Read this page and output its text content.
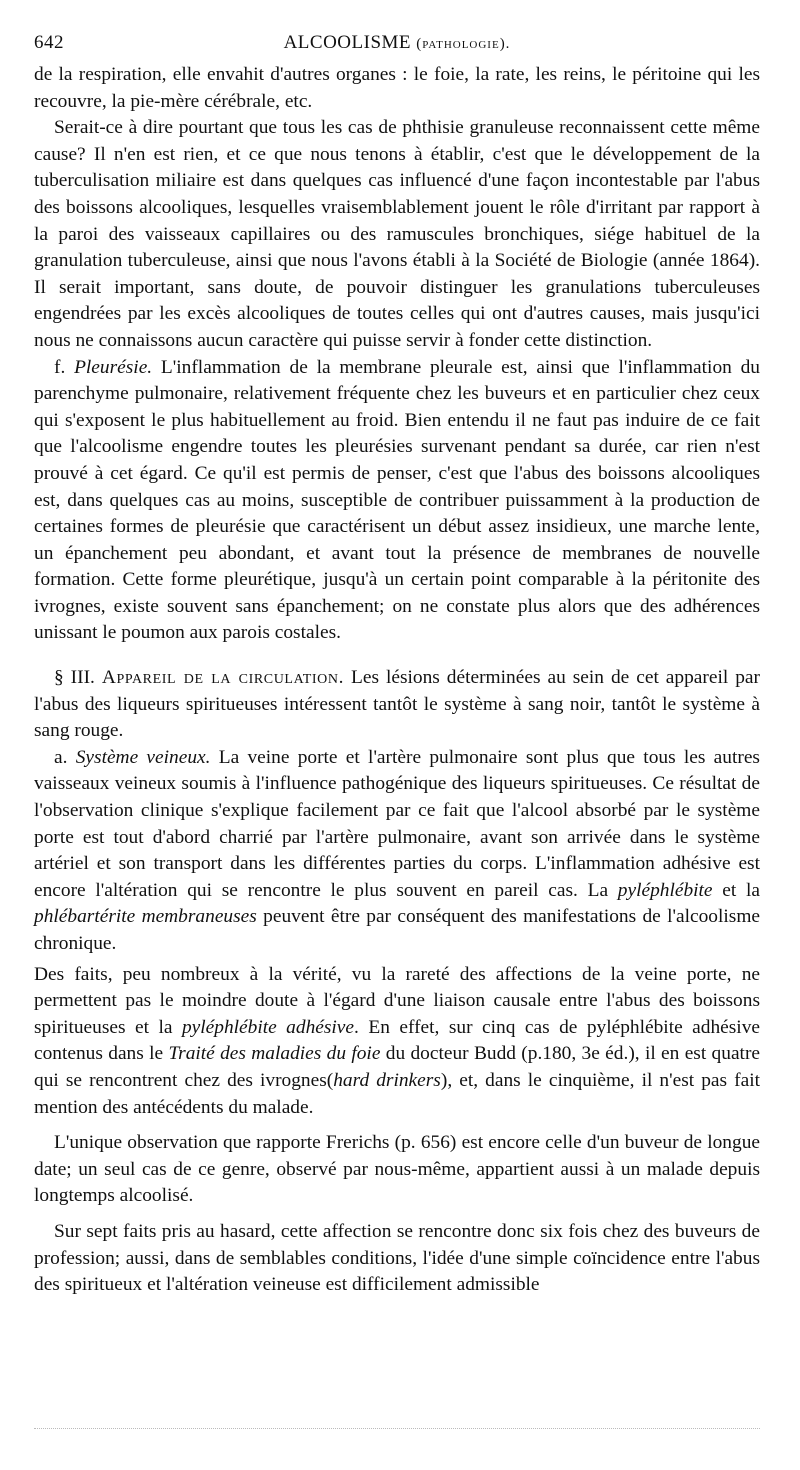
642	ALCOOLISME (pathologie).

de la respiration, elle envahit d'autres organes : le foie, la rate, les reins, le péritoine qui les recouvre, la pie-mère cérébrale, etc.

Serait-ce à dire pourtant que tous les cas de phthisie granuleuse reconnaissent cette même cause? Il n'en est rien, et ce que nous tenons à établir, c'est que le développement de la tuberculisation miliaire est dans quelques cas influencé d'une façon incontestable par l'abus des boissons alcooliques, lesquelles vraisemblablement jouent le rôle d'irritant par rapport à la paroi des vaisseaux capillaires ou des ramuscules bronchiques, siége habituel de la granulation tuberculeuse, ainsi que nous l'avons établi à la Société de Biologie (année 1864). Il serait important, sans doute, de pouvoir distinguer les granulations tuberculeuses engendrées par les excès alcooliques de toutes celles qui ont d'autres causes, mais jusqu'ici nous ne connaissons aucun caractère qui puisse servir à fonder cette distinction.

f. Pleurésie. L'inflammation de la membrane pleurale est, ainsi que l'inflammation du parenchyme pulmonaire, relativement fréquente chez les buveurs et en particulier chez ceux qui s'exposent le plus habituellement au froid. Bien entendu il ne faut pas induire de ce fait que l'alcoolisme engendre toutes les pleurésies survenant pendant sa durée, car rien n'est prouvé à cet égard. Ce qu'il est permis de penser, c'est que l'abus des boissons alcooliques est, dans quelques cas au moins, susceptible de contribuer puissamment à la production de certaines formes de pleurésie que caractérisent un début assez insidieux, une marche lente, un épanchement peu abondant, et avant tout la présence de membranes de nouvelle formation. Cette forme pleurétique, jusqu'à un certain point comparable à la péritonite des ivrognes, existe souvent sans épanchement; on ne constate plus alors que des adhérences unissant le poumon aux parois costales.

§ III. Appareil de la circulation. Les lésions déterminées au sein de cet appareil par l'abus des liqueurs spiritueuses intéressent tantôt le système à sang noir, tantôt le système à sang rouge.

a. Système veineux. La veine porte et l'artère pulmonaire sont plus que tous les autres vaisseaux veineux soumis à l'influence pathogénique des liqueurs spiritueuses. Ce résultat de l'observation clinique s'explique facilement par ce fait que l'alcool absorbé par le système porte est tout d'abord charrié par l'artère pulmonaire, avant son arrivée dans le système artériel et son transport dans les différentes parties du corps. L'inflammation adhésive est encore l'altération qui se rencontre le plus souvent en pareil cas. La pyléphlébite et la phlébartérite membraneuses peuvent être par conséquent des manifestations de l'alcoolisme chronique.

Des faits, peu nombreux à la vérité, vu la rareté des affections de la veine porte, ne permettent pas le moindre doute à l'égard d'une liaison causale entre l'abus des boissons spiritueuses et la pyléphlébite adhésive. En effet, sur cinq cas de pyléphlébite adhésive contenus dans le Traité des maladies du foie du docteur Budd (p.180, 3e éd.), il en est quatre qui se rencontrent chez des ivrognes(hard drinkers), et, dans le cinquième, il n'est pas fait mention des antécédents du malade.

L'unique observation que rapporte Frerichs (p. 656) est encore celle d'un buveur de longue date; un seul cas de ce genre, observé par nous-même, appartient aussi à un malade depuis longtemps alcoolisé.

Sur sept faits pris au hasard, cette affection se rencontre donc six fois chez des buveurs de profession; aussi, dans de semblables conditions, l'idée d'une simple coïncidence entre l'abus des spiritueux et l'altération veineuse est difficilement admissible
